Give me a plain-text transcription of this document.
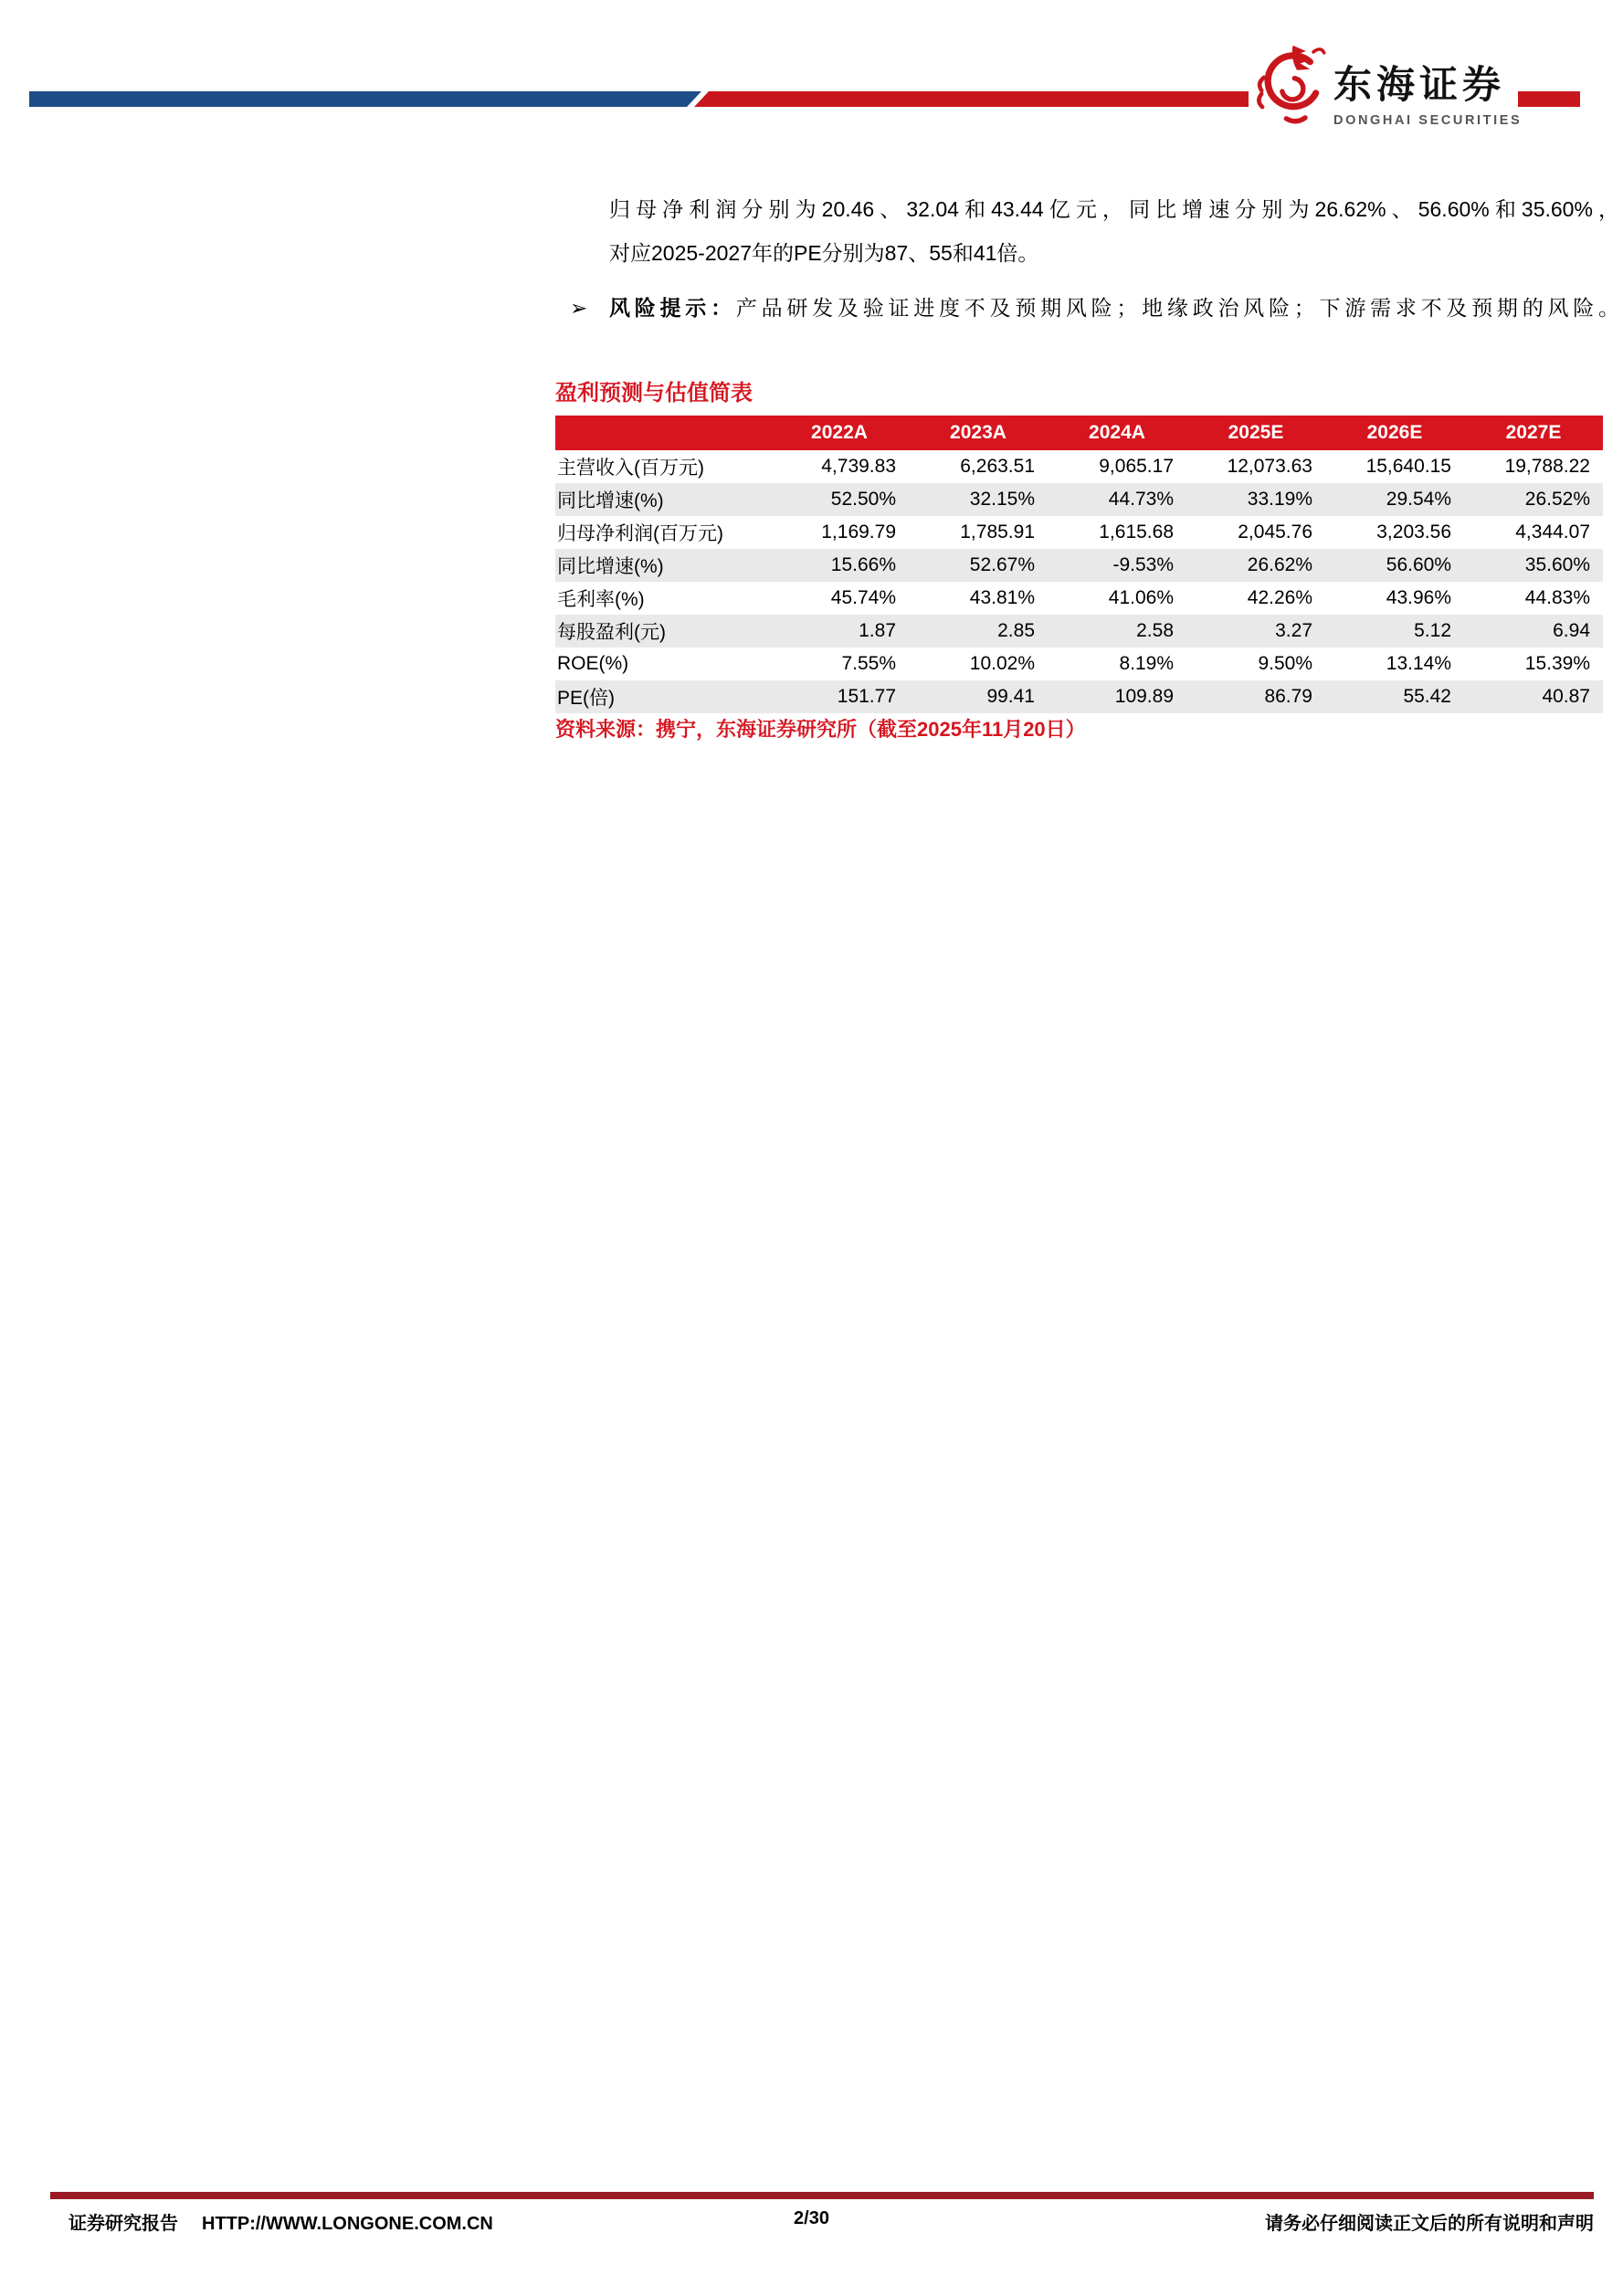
东海证券
DONGHAI SECURITIES
归母净利润分别为20.46、32.04和43.44亿元，同比增速分别为26.62%、56.60%和35.60%，
对应2025-2027年的PE分别为87、55和41倍。
➢ 风险提示：产品研发及验证进度不及预期风险；地缘政治风险；下游需求不及预期的风险。
盈利预测与估值简表
	2022A	2023A	2024A	2025E	2026E	2027E
主营收入(百万元)	4,739.83	6,263.51	9,065.17	12,073.63	15,640.15	19,788.22
同比增速(%)	52.50%	32.15%	44.73%	33.19%	29.54%	26.52%
归母净利润(百万元)	1,169.79	1,785.91	1,615.68	2,045.76	3,203.56	4,344.07
同比增速(%)	15.66%	52.67%	-9.53%	26.62%	56.60%	35.60%
毛利率(%)	45.74%	43.81%	41.06%	42.26%	43.96%	44.83%
每股盈利(元)	1.87	2.85	2.58	3.27	5.12	6.94
ROE(%)	7.55%	10.02%	8.19%	9.50%	13.14%	15.39%
PE(倍)	151.77	99.41	109.89	86.79	55.42	40.87
资料来源：携宁，东海证券研究所（截至2025年11月20日）
证券研究报告 HTTP://WWW.LONGONE.COM.CN	2/30	请务必仔细阅读正文后的所有说明和声明
